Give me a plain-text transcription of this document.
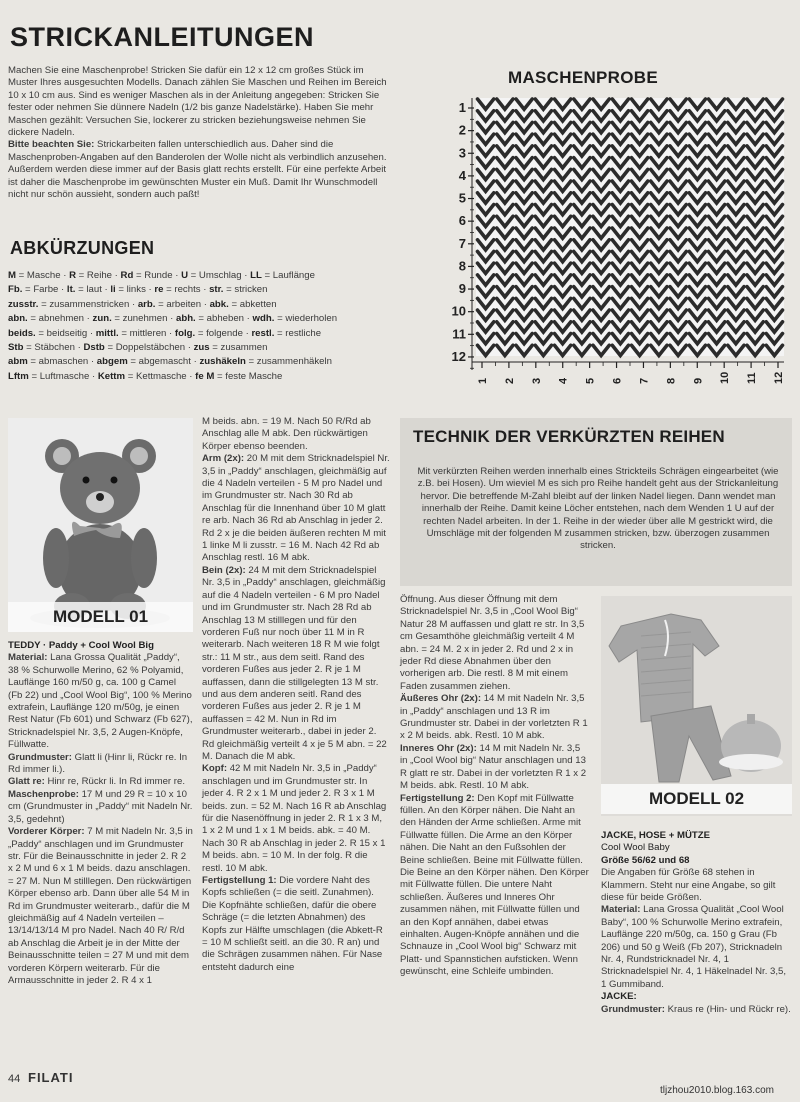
STRICKANLEITUNGEN

Machen Sie eine Maschenprobe! Stricken Sie dafür ein 12 x 12 cm großes Stück im Muster Ihres ausgesuchten Modells. Danach zählen Sie Maschen und Reihen im Bereich 10 x 10 cm aus. Sind es weniger Maschen als in der Anleitung angegeben: Stricken Sie fester oder nehmen Sie dünnere Nadeln (1/2 bis ganze Nadelstärke). Haben Sie mehr Maschen gezählt: Versuchen Sie, lockerer zu stricken beziehungsweise nehmen Sie dickere Nadeln.

Bitte beachten Sie: Strickarbeiten fallen unterschiedlich aus. Daher sind die Maschenproben-Angaben auf den Banderolen der Wolle nicht als verbindlich anzusehen. Außerdem werden diese immer auf der Basis glatt rechts erstellt. Für eine perfekte Arbeit ist daher die Maschenprobe im gewünschten Muster ein Muß. Damit Ihr Wunschmodell nicht nur schön aussieht, sondern auch paßt!

ABKÜRZUNGEN
M = Masche · R = Reihe · Rd = Runde · U = Umschlag · LL = Lauflänge
Fb. = Farbe · lt. = laut · li = links · re = rechts · str. = stricken
zusstr. = zusammenstricken · arb. = arbeiten · abk. = abketten
abn. = abnehmen · zun. = zunehmen · abh. = abheben · wdh. = wiederholen
beids. = beidseitig · mittl. = mittleren · folg. = folgende · restl. = restliche
Stb = Stäbchen · Dstb = Doppelstäbchen · zus = zusammen
abm = abmaschen · abgem = abgemascht · zushäkeln = zusammenhäkeln
Lftm = Luftmasche · Kettm = Kettmasche · fe M = feste Masche
MASCHENPROBE
1
2
3
4
5
6
7
8
9
10
11
12
1 2 3 4 5 6 7 8 9 10 11 12
MODELL 01

TEDDY · Paddy + Cool Wool Big

Material: Lana Grossa Qualität „Paddy“, 38 % Schurwolle Merino, 62 % Polyamid, Lauflänge 160 m/50 g, ca. 100 g Camel (Fb 22) und „Cool Wool Big“, 100 % Merino extrafein, Lauflänge 120 m/50g, je einen Rest Natur (Fb 601) und Schwarz (Fb 627), Stricknadelspiel Nr. 3,5, 2 Augen-Knöpfe, Füllwatte.

Grundmuster: Glatt li (Hinr li, Rückr re. In Rd immer li.).

Glatt re: Hinr re, Rückr li. In Rd immer re.

Maschenprobe: 17 M und 29 R = 10 x 10 cm (Grundmuster in „Paddy“ mit Nadeln Nr. 3,5, gedehnt)

Vorderer Körper: 7 M mit Nadeln Nr. 3,5 in „Paddy“ anschlagen und im Grundmuster str. Für die Beinausschnitte in jeder 2. R 2 x 2 M und 6 x 1 M beids. dazu anschlagen. = 27 M. Nun M stilllegen. Den rückwärtigen Körper ebenso arb. Dann über alle 54 M in Rd im Grundmuster weiterarb., dafür die M gleichmäßig auf 4 Nadeln verteilen – 13/14/13/14 M pro Nadel. Nach 40 R/ R/d ab Anschlag die Arbeit je in der Mitte der Beinausschnitte teilen = 27 M und mit dem vorderen Körpern weiterarb. Für die Armausschnitte in jeder 2. R 4 x 1

M beids. abn. = 19 M. Nach 50 R/Rd ab Anschlag alle M abk. Den rückwärtigen Körper ebenso beenden.

Arm (2x): 20 M mit dem Stricknadelspiel Nr. 3,5 in „Paddy“ anschlagen, gleichmäßig auf die 4 Nadeln verteilen - 5 M pro Nadel und im Grundmuster str. Nach 30 Rd ab Anschlag für die Innenhand über 10 M glatt re arb. Nach 36 Rd ab Anschlag in jeder 2. Rd 2 x je die beiden äußeren rechten M mit 1 linke M li zusstr. = 16 M. Nach 42 Rd ab Anschlag restl. 16 M abk.

Bein (2x): 24 M mit dem Stricknadelspiel Nr. 3,5 in „Paddy“ anschlagen, gleichmäßig auf die 4 Nadeln verteilen - 6 M pro Nadel und im Grundmuster str. Nach 28 Rd ab Anschlag 13 M stilllegen und für den vorderen Fuß nur noch über 11 M in R weiterarb. Nach weiteren 18 R M wie folgt str.: 11 M str., aus dem seitl. Rand des vorderen Fußes aus jeder 2. R je 1 M auffassen, dann die stillgelegten 13 M str. und aus dem anderen seitl. Rand des vorderen Fußes aus jeder 2. R je 1 M auffassen = 42 M. Nun in Rd im Grundmuster weiterarb., dabei in jeder 2. Rd gleichmäßig verteilt 4 x je 5 M abn. = 22 M. Danach die M abk.

Kopf: 42 M mit Nadeln Nr. 3,5 in „Paddy“ anschlagen und im Grundmuster str. In jeder 4. R 2 x 1 M und jeder 2. R 3 x 1 M beids. zun. = 52 M. Nach 16 R ab Anschlag für die Nasenöffnung in jeder 2. R 1 x 3 M, 1 x 2 M und 1 x 1 M beids. abk. = 40 M. Nach 30 R ab Anschlag in jeder 2. R 15 x 1 M beids. abn. = 10 M. In der folg. R die restl. 10 M abk.

Fertigstellung 1: Die vordere Naht des Kopfs schließen (= die seitl. Zunahmen). Die Kopfnähte schließen, dafür die obere Schräge (= die letzten Abnahmen) des Kopfs zur Hälfte umschlagen (die Abkett-R = 10 M schließt seitl. an die 30. R an) und die Schrägen zusammen nähen. Für Nase entsteht dadurch eine

TECHNIK DER VERKÜRZTEN REIHEN
Mit verkürzten Reihen werden innerhalb eines Strickteils Schrägen eingearbeitet (wie z.B. bei Hosen). Um wieviel M es sich pro Reihe handelt geht aus der Strickanleitung hervor. Die betreffende M-Zahl bleibt auf der linken Nadel liegen. Dann wendet man innerhalb der Reihe. Damit keine Löcher entstehen, nach dem Wenden 1 U auf der rechten Nadel arbeiten. In der 1. Reihe in der wieder über alle M gestrickt wird, die Umschläge mit der folgenden M zusammen stricken, bzw. überzogen zusammen stricken.

Öffnung. Aus dieser Öffnung mit dem Stricknadelspiel Nr. 3,5 in „Cool Wool Big“ Natur 28 M auffassen und glatt re str. In 3,5 cm Gesamthöhe gleichmäßig verteilt 4 M abn. = 24 M. 2 x in jeder 2. Rd und 2 x in jeder Rd diese Abnahmen über den vorherigen arb. Die restl. 8 M mit einem Faden zusammen ziehen.

Äußeres Ohr (2x): 14 M mit Nadeln Nr. 3,5 in „Paddy“ anschlagen und 13 R im Grundmuster str. Dabei in der vorletzten R 1 x 2 M beids. abk. Restl. 10 M abk.

Inneres Ohr (2x): 14 M mit Nadeln Nr. 3,5 in „Cool Wool big“ Natur anschlagen und 13 R glatt re str. Dabei in der vorletzten R 1 x 2 M beids. abk. Restl. 10 M abk.

Fertigstellung 2: Den Kopf mit Füllwatte füllen. An den Körper nähen. Die Naht an den Händen der Arme schließen. Arme mit Füllwatte füllen. Die Arme an den Körper nähen. Die Naht an den Fußsohlen der Beine schließen. Beine mit Füllwatte füllen. Die Beine an den Körper nähen. Den Körper mit Füllwatte füllen. Die untere Naht schließen. Äußeres und Inneres Ohr zusammen nähen, mit Füllwatte füllen und an den Kopf annähen, dabei etwas einhalten. Augen-Knöpfe annähen und die Schnauze in „Cool Wool big“ Schwarz mit Platt- und Spannstichen aufsticken. Wenn gewünscht, eine Schleife umbinden.

MODELL 02

JACKE, HOSE + MÜTZE

Cool Wool Baby

Größe 56/62 und 68

Die Angaben für Größe 68 stehen in Klammern. Steht nur eine Angabe, so gilt diese für beide Größen.

Material: Lana Grossa Qualität „Cool Wool Baby“, 100 % Schurwolle Merino extrafein, Lauflänge 220 m/50g, ca. 150 g Grau (Fb 206) und 50 g Weiß (Fb 207), Stricknadeln Nr. 4, Rundstricknadel Nr. 4, 1 Stricknadelspiel Nr. 4, 1 Häkelnadel Nr. 3,5, 1 Gummiband.

JACKE:

Grundmuster: Kraus re (Hin- und Rückr re).

44 FILATI
tljzhou2010.blog.163.com
